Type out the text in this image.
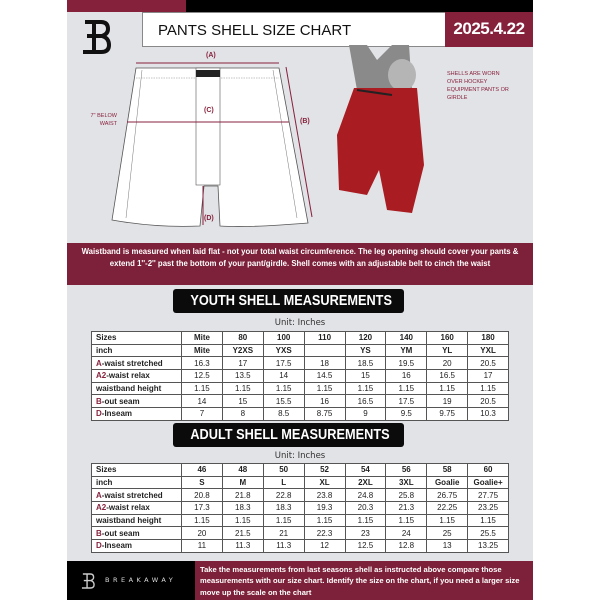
PANTS SHELL SIZE CHART	2025.4.22
(A)
(C)
(B)
(D)
7'' BELOW WAIST
SHELLS ARE WORN OVER HOCKEY EQUIPMENT PANTS OR GIRDLE
Waistband is measured when laid flat - not your total waist circumference. The leg opening should cover your pants & extend 1''-2'' past the bottom of your pant/girdle. Shell comes with an adjustable belt to cinch the waist
YOUTH SHELL MEASUREMENTS
Unit: Inches
Sizes	Mite	80	100	110	120	140	160	180
inch	Mite	Y2XS	YXS		YS	YM	YL	YXL
A-waist stretched	16.3	17	17.5	18	18.5	19.5	20	20.5
A2-waist relax	12.5	13.5	14	14.5	15	16	16.5	17
waistband height	1.15	1.15	1.15	1.15	1.15	1.15	1.15	1.15
B-out seam	14	15	15.5	16	16.5	17.5	19	20.5
D-Inseam	7	8	8.5	8.75	9	9.5	9.75	10.3
ADULT SHELL MEASUREMENTS
Unit: Inches
Sizes	46	48	50	52	54	56	58	60
inch	S	M	L	XL	2XL	3XL	Goalie	Goalie+
A-waist stretched	20.8	21.8	22.8	23.8	24.8	25.8	26.75	27.75
A2-waist relax	17.3	18.3	18.3	19.3	20.3	21.3	22.25	23.25
waistband height	1.15	1.15	1.15	1.15	1.15	1.15	1.15	1.15
B-out seam	20	21.5	21	22.3	23	24	25	25.5
D-Inseam	11	11.3	11.3	12	12.5	12.8	13	13.25
BREAKAWAY
Take the measurements from last seasons shell as instructed above compare those measurements with our size chart. Identify the size on the chart, if you need a larger size move up the scale on the chart
